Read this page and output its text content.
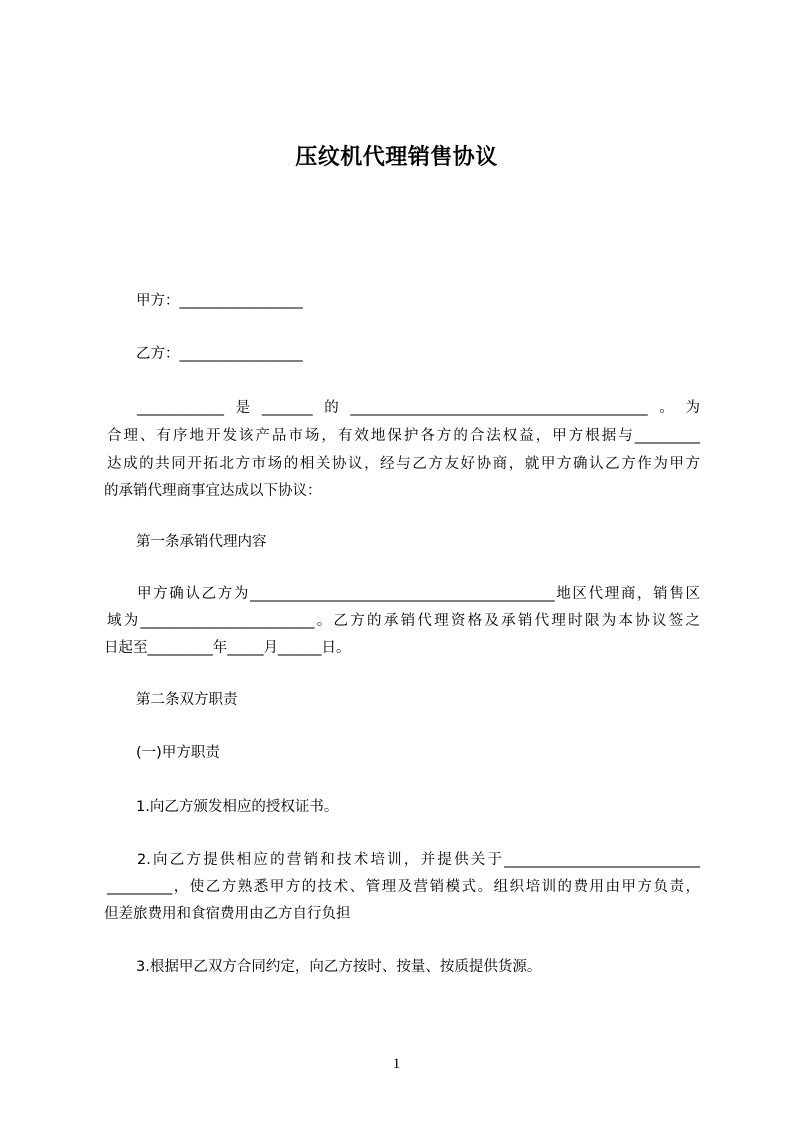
压纹机代理销售协议
甲方：_________________
乙方：_________________
____________是_______的_________________________________________。为
合理、有序地开发该产品市场，有效地保护各方的合法权益，甲方根据与_________
达成的共同开拓北方市场的相关协议，经与乙方友好协商，就甲方确认乙方作为甲方
的承销代理商事宜达成以下协议：
第一条承销代理内容
甲方确认乙方为__________________________________________地区代理商，销售区
域为________________________。乙方的承销代理资格及承销代理时限为本协议签之
日起至_________年_____月______日。
第二条双方职责
(一)甲方职责
1.向乙方颁发相应的授权证书。
2.向乙方提供相应的营销和技术培训，并提供关于___________________________
_________，使乙方熟悉甲方的技术、管理及营销模式。组织培训的费用由甲方负责，
但差旅费用和食宿费用由乙方自行负担
3.根据甲乙双方合同约定，向乙方按时、按量、按质提供货源。
1
